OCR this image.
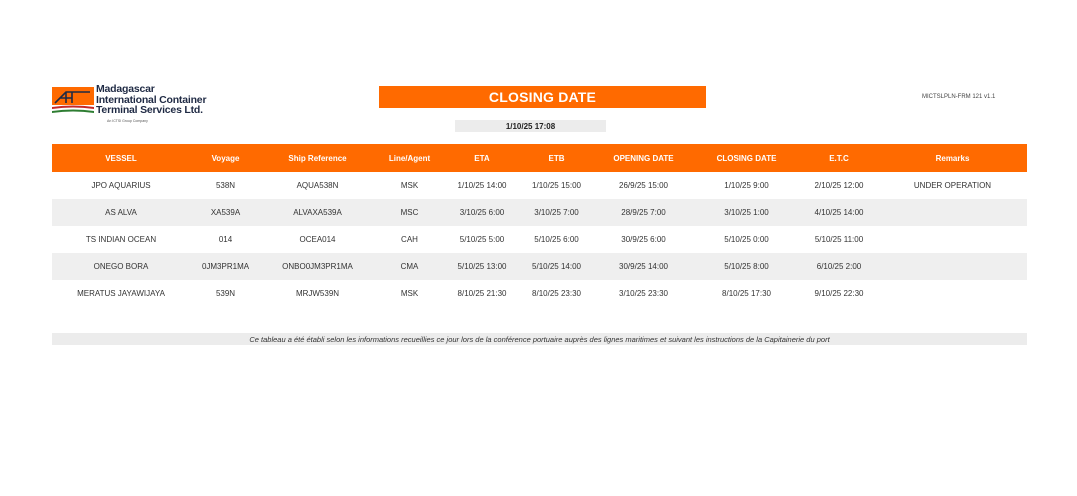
Madagascar
International Container
Terminal Services Ltd.
An ICTSI Group Company
MICTSLPLN-FRM 121 v1.1
CLOSING DATE
1/10/25 17:08
VESSEL	Voyage	Ship Reference	Line/Agent	ETA	ETB	OPENING DATE	CLOSING DATE	E.T.C	Remarks
JPO AQUARIUS	538N	AQUA538N	MSK	1/10/25 14:00	1/10/25 15:00	26/9/25 15:00	1/10/25 9:00	2/10/25 12:00	UNDER OPERATION
AS ALVA	XA539A	ALVAXA539A	MSC	3/10/25 6:00	3/10/25 7:00	28/9/25 7:00	3/10/25 1:00	4/10/25 14:00	
TS INDIAN OCEAN	014	OCEA014	CAH	5/10/25 5:00	5/10/25 6:00	30/9/25 6:00	5/10/25 0:00	5/10/25 11:00	
ONEGO BORA	0JM3PR1MA	ONBO0JM3PR1MA	CMA	5/10/25 13:00	5/10/25 14:00	30/9/25 14:00	5/10/25 8:00	6/10/25 2:00	
MERATUS JAYAWIJAYA	539N	MRJW539N	MSK	8/10/25 21:30	8/10/25 23:30	3/10/25 23:30	8/10/25 17:30	9/10/25 22:30	
Ce tableau a été établi selon les informations recueillies ce jour lors de la conférence portuaire auprès des lignes maritimes et suivant les instructions de la Capitainerie du port
